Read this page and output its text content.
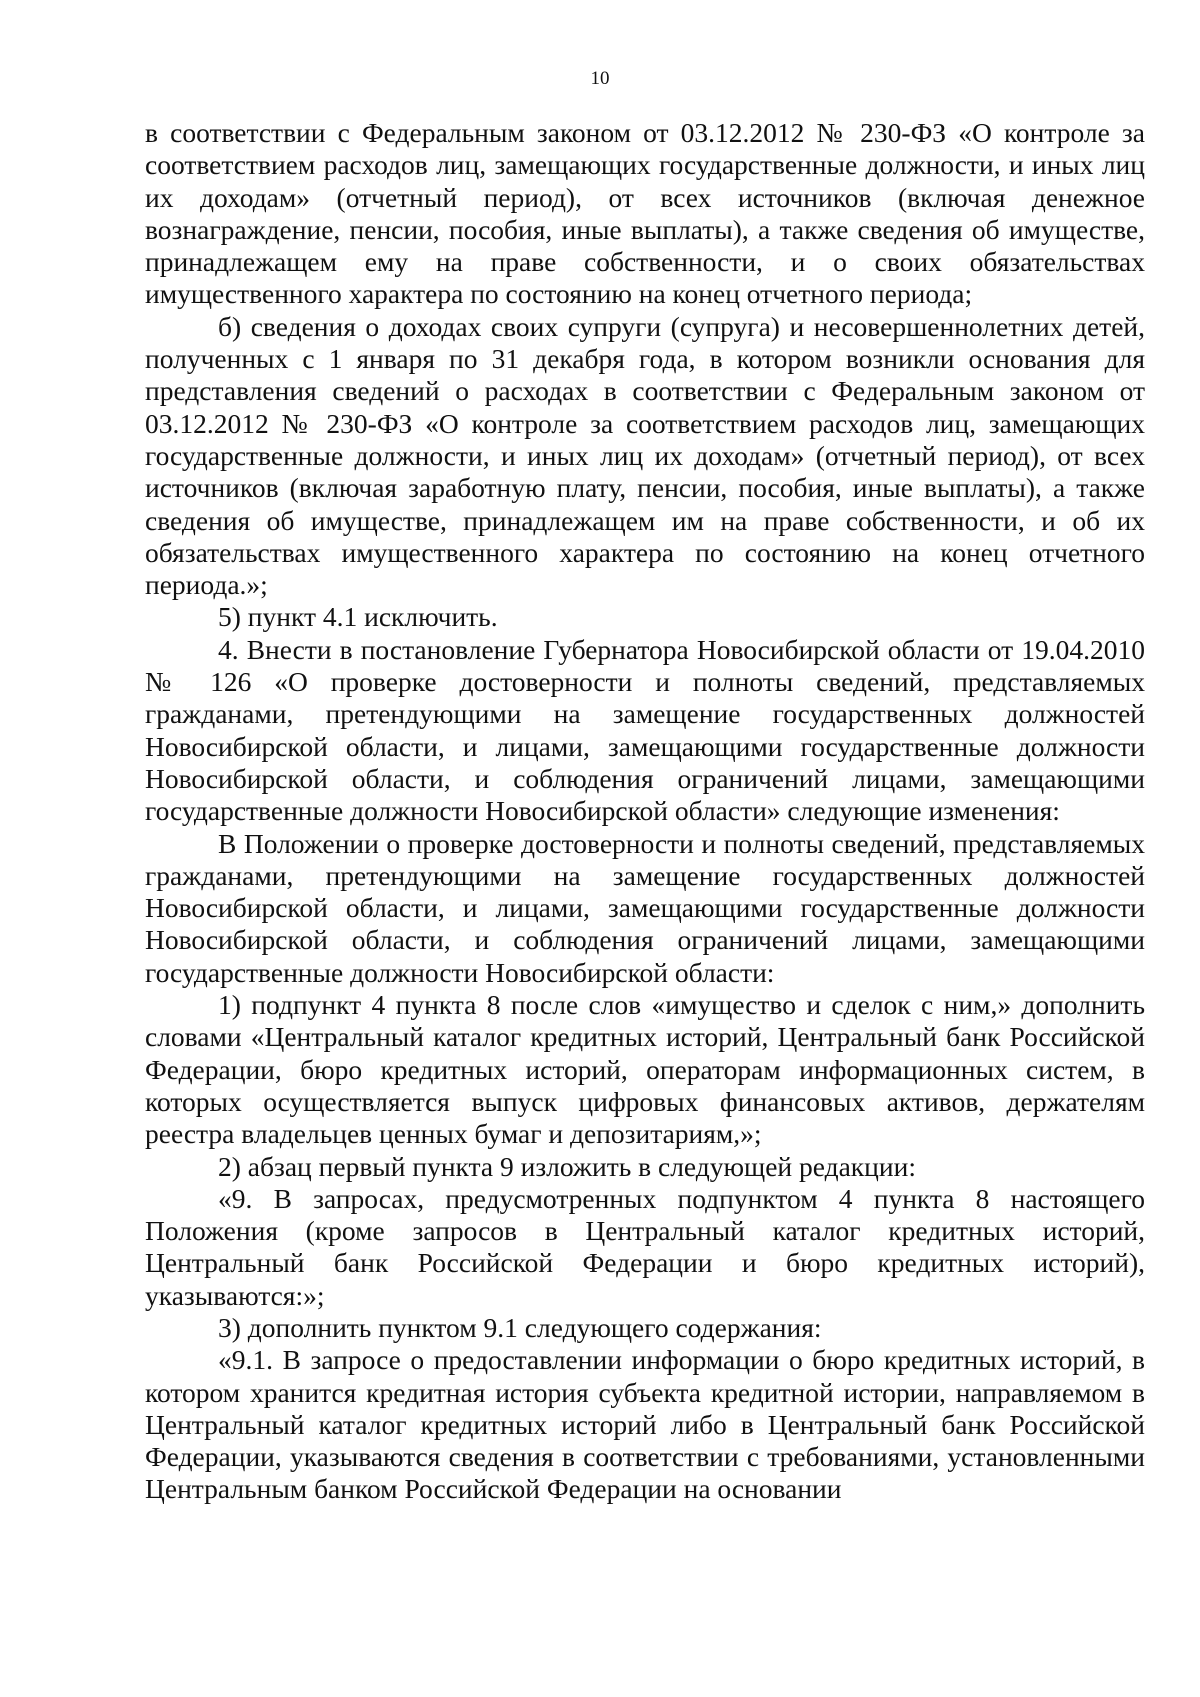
10

в соответствии с Федеральным законом от 03.12.2012 № 230-ФЗ «О контроле за соответствием расходов лиц, замещающих государственные должности, и иных лиц их доходам» (отчетный период), от всех источников (включая денежное вознаграждение, пенсии, пособия, иные выплаты), а также сведения об имуществе, принадлежащем ему на праве собственности, и о своих обязательствах имущественного характера по состоянию на конец отчетного периода;

б) сведения о доходах своих супруги (супруга) и несовершеннолетних детей, полученных с 1 января по 31 декабря года, в котором возникли основания для представления сведений о расходах в соответствии с Федеральным законом от 03.12.2012 № 230-ФЗ «О контроле за соответствием расходов лиц, замещающих государственные должности, и иных лиц их доходам» (отчетный период), от всех источников (включая заработную плату, пенсии, пособия, иные выплаты), а также сведения об имуществе, принадлежащем им на праве собственности, и об их обязательствах имущественного характера по состоянию на конец отчетного периода.»;

5) пункт 4.1 исключить.

4. Внести в постановление Губернатора Новосибирской области от 19.04.2010 № 126 «О проверке достоверности и полноты сведений, представляемых гражданами, претендующими на замещение государственных должностей Новосибирской области, и лицами, замещающими государственные должности Новосибирской области, и соблюдения ограничений лицами, замещающими государственные должности Новосибирской области» следующие изменения:

В Положении о проверке достоверности и полноты сведений, представляемых гражданами, претендующими на замещение государственных должностей Новосибирской области, и лицами, замещающими государственные должности Новосибирской области, и соблюдения ограничений лицами, замещающими государственные должности Новосибирской области:

1) подпункт 4 пункта 8 после слов «имущество и сделок с ним,» дополнить словами «Центральный каталог кредитных историй, Центральный банк Российской Федерации, бюро кредитных историй, операторам информационных систем, в которых осуществляется выпуск цифровых финансовых активов, держателям реестра владельцев ценных бумаг и депозитариям,»;

2) абзац первый пункта 9 изложить в следующей редакции:

«9. В запросах, предусмотренных подпунктом 4 пункта 8 настоящего Положения (кроме запросов в Центральный каталог кредитных историй, Центральный банк Российской Федерации и бюро кредитных историй), указываются:»;

3) дополнить пунктом 9.1 следующего содержания:

«9.1. В запросе о предоставлении информации о бюро кредитных историй, в котором хранится кредитная история субъекта кредитной истории, направляемом в Центральный каталог кредитных историй либо в Центральный банк Российской Федерации, указываются сведения в соответствии с требованиями, установленными Центральным банком Российской Федерации на основании
